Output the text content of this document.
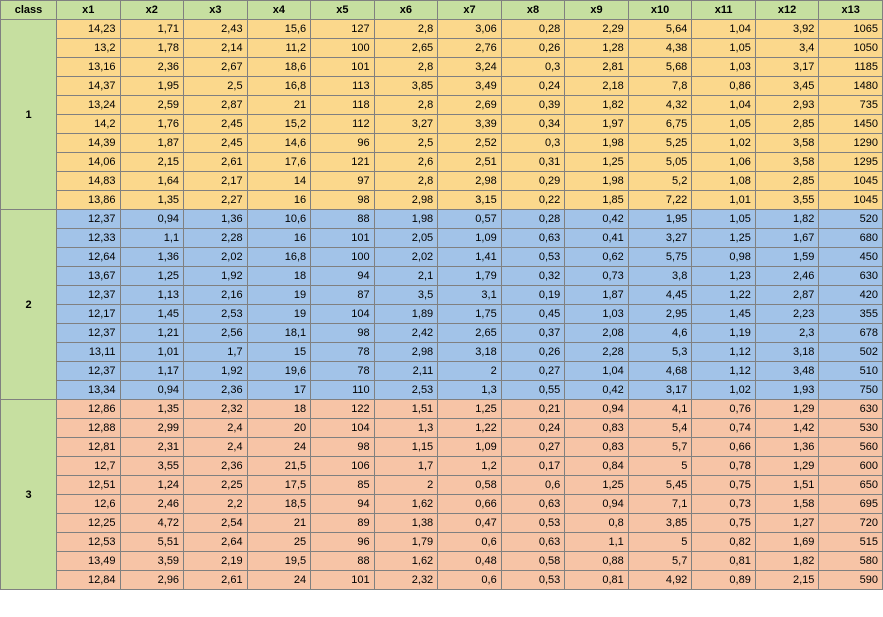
class	x1	x2	x3	x4	x5	x6	x7	x8	x9	x10	x11	x12	x13
1	14,23	1,71	2,43	15,6	127	2,8	3,06	0,28	2,29	5,64	1,04	3,92	1065
	13,2	1,78	2,14	11,2	100	2,65	2,76	0,26	1,28	4,38	1,05	3,4	1050
	13,16	2,36	2,67	18,6	101	2,8	3,24	0,3	2,81	5,68	1,03	3,17	1185
	14,37	1,95	2,5	16,8	113	3,85	3,49	0,24	2,18	7,8	0,86	3,45	1480
	13,24	2,59	2,87	21	118	2,8	2,69	0,39	1,82	4,32	1,04	2,93	735
	14,2	1,76	2,45	15,2	112	3,27	3,39	0,34	1,97	6,75	1,05	2,85	1450
	14,39	1,87	2,45	14,6	96	2,5	2,52	0,3	1,98	5,25	1,02	3,58	1290
	14,06	2,15	2,61	17,6	121	2,6	2,51	0,31	1,25	5,05	1,06	3,58	1295
	14,83	1,64	2,17	14	97	2,8	2,98	0,29	1,98	5,2	1,08	2,85	1045
	13,86	1,35	2,27	16	98	2,98	3,15	0,22	1,85	7,22	1,01	3,55	1045
2	12,37	0,94	1,36	10,6	88	1,98	0,57	0,28	0,42	1,95	1,05	1,82	520
	12,33	1,1	2,28	16	101	2,05	1,09	0,63	0,41	3,27	1,25	1,67	680
	12,64	1,36	2,02	16,8	100	2,02	1,41	0,53	0,62	5,75	0,98	1,59	450
	13,67	1,25	1,92	18	94	2,1	1,79	0,32	0,73	3,8	1,23	2,46	630
	12,37	1,13	2,16	19	87	3,5	3,1	0,19	1,87	4,45	1,22	2,87	420
	12,17	1,45	2,53	19	104	1,89	1,75	0,45	1,03	2,95	1,45	2,23	355
	12,37	1,21	2,56	18,1	98	2,42	2,65	0,37	2,08	4,6	1,19	2,3	678
	13,11	1,01	1,7	15	78	2,98	3,18	0,26	2,28	5,3	1,12	3,18	502
	12,37	1,17	1,92	19,6	78	2,11	2	0,27	1,04	4,68	1,12	3,48	510
	13,34	0,94	2,36	17	110	2,53	1,3	0,55	0,42	3,17	1,02	1,93	750
3	12,86	1,35	2,32	18	122	1,51	1,25	0,21	0,94	4,1	0,76	1,29	630
	12,88	2,99	2,4	20	104	1,3	1,22	0,24	0,83	5,4	0,74	1,42	530
	12,81	2,31	2,4	24	98	1,15	1,09	0,27	0,83	5,7	0,66	1,36	560
	12,7	3,55	2,36	21,5	106	1,7	1,2	0,17	0,84	5	0,78	1,29	600
	12,51	1,24	2,25	17,5	85	2	0,58	0,6	1,25	5,45	0,75	1,51	650
	12,6	2,46	2,2	18,5	94	1,62	0,66	0,63	0,94	7,1	0,73	1,58	695
	12,25	4,72	2,54	21	89	1,38	0,47	0,53	0,8	3,85	0,75	1,27	720
	12,53	5,51	2,64	25	96	1,79	0,6	0,63	1,1	5	0,82	1,69	515
	13,49	3,59	2,19	19,5	88	1,62	0,48	0,58	0,88	5,7	0,81	1,82	580
	12,84	2,96	2,61	24	101	2,32	0,6	0,53	0,81	4,92	0,89	2,15	590
